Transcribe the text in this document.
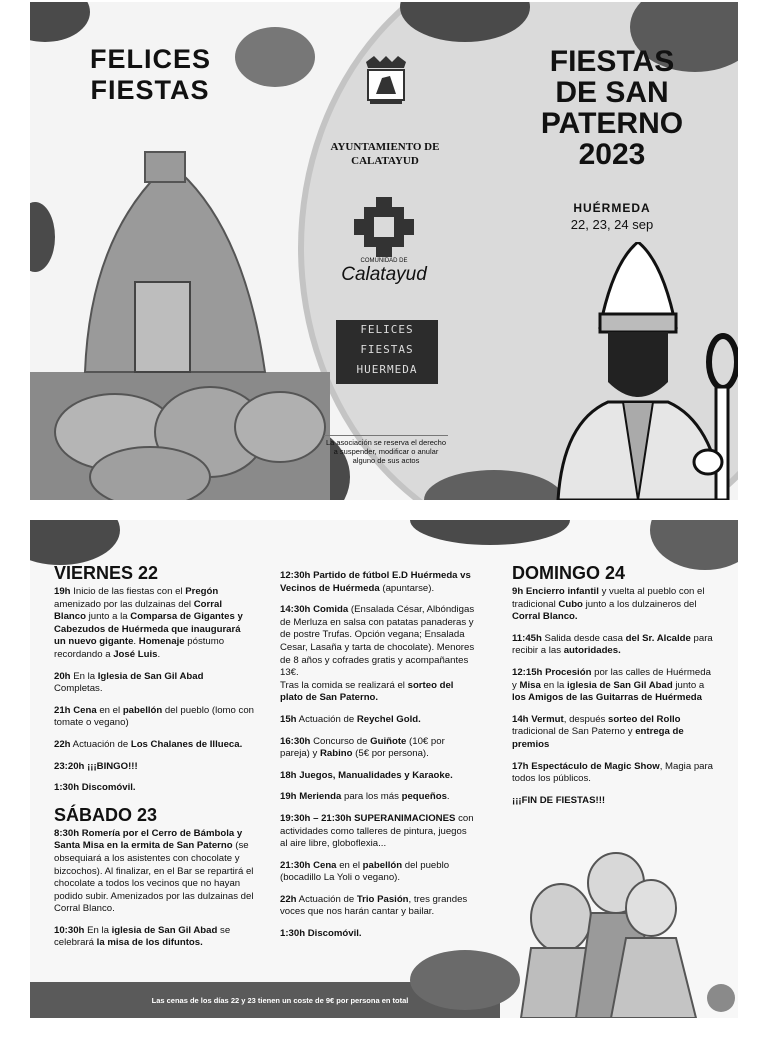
FELICES FIESTAS
AYUNTAMIENTO DE CALATAYUD
COMUNIDAD DE
Calatayud
FELICES
FIESTAS
HUERMEDA
La asociación se reserva el derecho a suspender, modificar o anular alguno de sus actos
FIESTAS
DE SAN
PATERNO
2023
HUÉRMEDA
22, 23, 24 sep
VIERNES 22
19h Inicio de las fiestas con el Pregón amenizado por las dulzainas del Corral Blanco junto a la Comparsa de Gigantes y Cabezudos de Huérmeda que inaugurará un nuevo gigante. Homenaje póstumo recordando a José Luis.
20h En la Iglesia de San Gil Abad Completas.
21h Cena en el pabellón del pueblo (lomo con tomate o vegano)
22h Actuación de Los Chalanes de Illueca.
23:20h ¡¡¡BINGO!!!
1:30h Discomóvil.
SÁBADO 23
8:30h Romería por el Cerro de Bámbola y Santa Misa en la ermita de San Paterno (se obsequiará a los asistentes con chocolate y bizcochos). Al finalizar, en el Bar se repartirá el chocolate a todos los vecinos que no hayan podido subir. Amenizados por las dulzainas del Corral Blanco.
10:30h En la iglesia de San Gil Abad se celebrará la misa de los difuntos.
12:30h Partido de fútbol E.D Huérmeda vs Vecinos de Huérmeda (apuntarse).
14:30h Comida (Ensalada César, Albóndigas de Merluza en salsa con patatas panaderas y de postre Trufas. Opción vegana; Ensalada Cesar, Lasaña y tarta de chocolate). Menores de 8 años y cofrades gratis y acompañantes 13€.
Tras la comida se realizará el sorteo del plato de San Paterno.
15h Actuación de Reychel Gold.
16:30h Concurso de Guiñote (10€ por pareja) y Rabino (5€ por persona).
18h Juegos, Manualidades y Karaoke.
19h Merienda para los más pequeños.
19:30h – 21:30h SUPERANIMACIONES con actividades como talleres de pintura, juegos al aire libre, globoflexia...
21:30h Cena en el pabellón del pueblo (bocadillo La Yoli o vegano).
22h Actuación de Trio Pasión, tres grandes voces que nos harán cantar y bailar.
1:30h Discomóvil.
DOMINGO 24
9h Encierro infantil y vuelta al pueblo con el tradicional Cubo junto a los dulzaineros del Corral Blanco.
11:45h Salida desde casa del Sr. Alcalde para recibir a las autoridades.
12:15h Procesión por las calles de Huérmeda y Misa en la iglesia de San Gil Abad junto a los Amigos de las Guitarras de Huérmeda
14h Vermut, después sorteo del Rollo tradicional de San Paterno y entrega de premios
17h Espectáculo de Magic Show, Magia para todos los públicos.
¡¡¡FIN DE FIESTAS!!!
Las cenas de los días 22 y 23 tienen un coste de 9€ por persona en total
